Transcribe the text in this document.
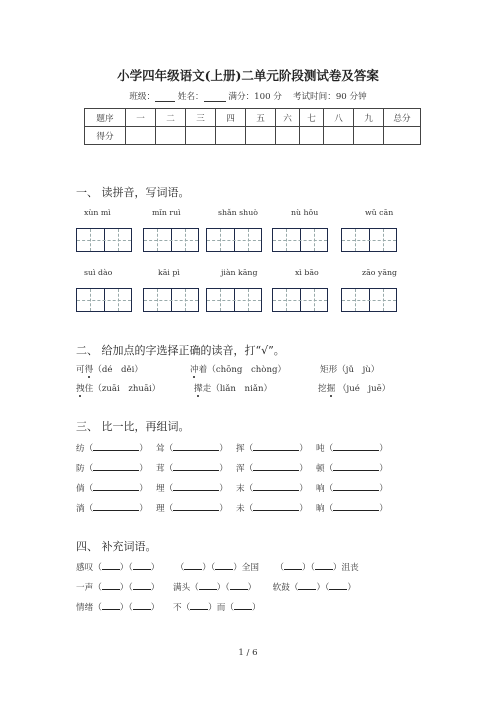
小学四年级语文(上册)二单元阶段测试卷及答案
班级：	姓名：	满分：100 分 考试时间：90 分钟
题序	一	二	三	四	五	六	七	八	九	总分
得分										
一、 读拼音，写词语。
xùn mì	mǐn ruì	shǎn shuò	nù hǒu	wǔ cān
suì dào	kāi pì	jiàn kāng	xì bāo	zāo yāng
二、 给加点的字选择正确的读音，打“√”。
可得（dé　děi）	冲着（chōng　chòng）	矩形（jǔ　jù）
拽住（zuāi　zhuāi）	撵走（liǎn　niǎn）	挖掘 （jué　juē）
三、 比一比，再组词。
纺（	）   耸（	）   挥（	）   吨（	）
防（	）   茸（	）   浑（	）   顿（	）
倘（	）   埋（	）   末（	）   响（	）
淌（	）   理（	）   未（	）   晌（	）
四、 补充词语。
感叹（ ）（ ） （ ）（ ）全国 （ ）（ ）沮丧
一声（ ）（ ） 满头（ ）（ ） 软鼓（ ）（ ）
情绪（ ）（ ） 不（ ）而（ ）
1 / 6
